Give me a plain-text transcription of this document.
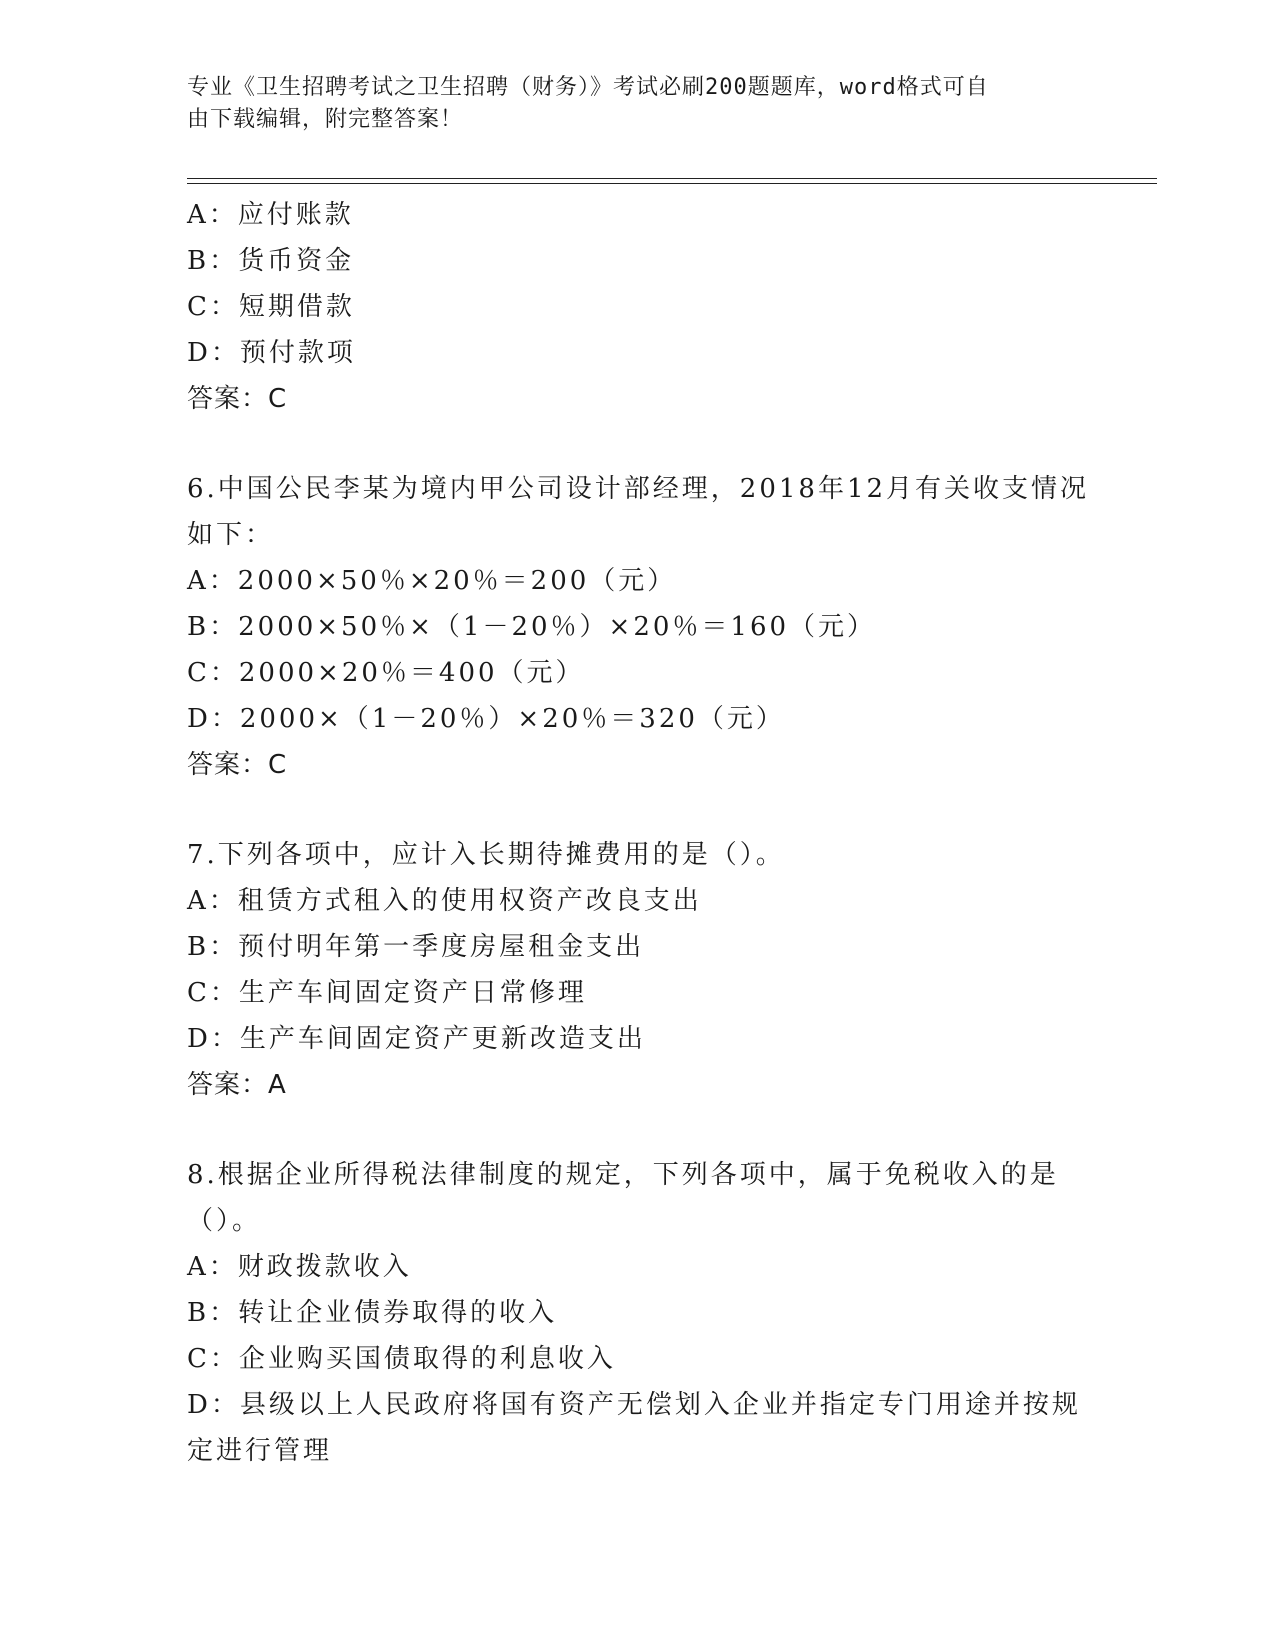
专业《卫生招聘考试之卫生招聘（财务）》考试必刷200题题库，word格式可自
由下载编辑，附完整答案！
A：应付账款
B：货币资金
C：短期借款
D：预付款项
答案：C
6.中国公民李某为境内甲公司设计部经理，2018年12月有关收支情况
如下：
A：2000×50％×20％＝200（元）
B：2000×50％×（1－20％）×20％＝160（元）
C：2000×20％＝400（元）
D：2000×（1－20％）×20％＝320（元）
答案：C
7.下列各项中，应计入长期待摊费用的是（）。
A：租赁方式租入的使用权资产改良支出
B：预付明年第一季度房屋租金支出
C：生产车间固定资产日常修理
D：生产车间固定资产更新改造支出
答案：A
8.根据企业所得税法律制度的规定，下列各项中，属于免税收入的是
（）。
A：财政拨款收入
B：转让企业债券取得的收入
C：企业购买国债取得的利息收入
D：县级以上人民政府将国有资产无偿划入企业并指定专门用途并按规
定进行管理
